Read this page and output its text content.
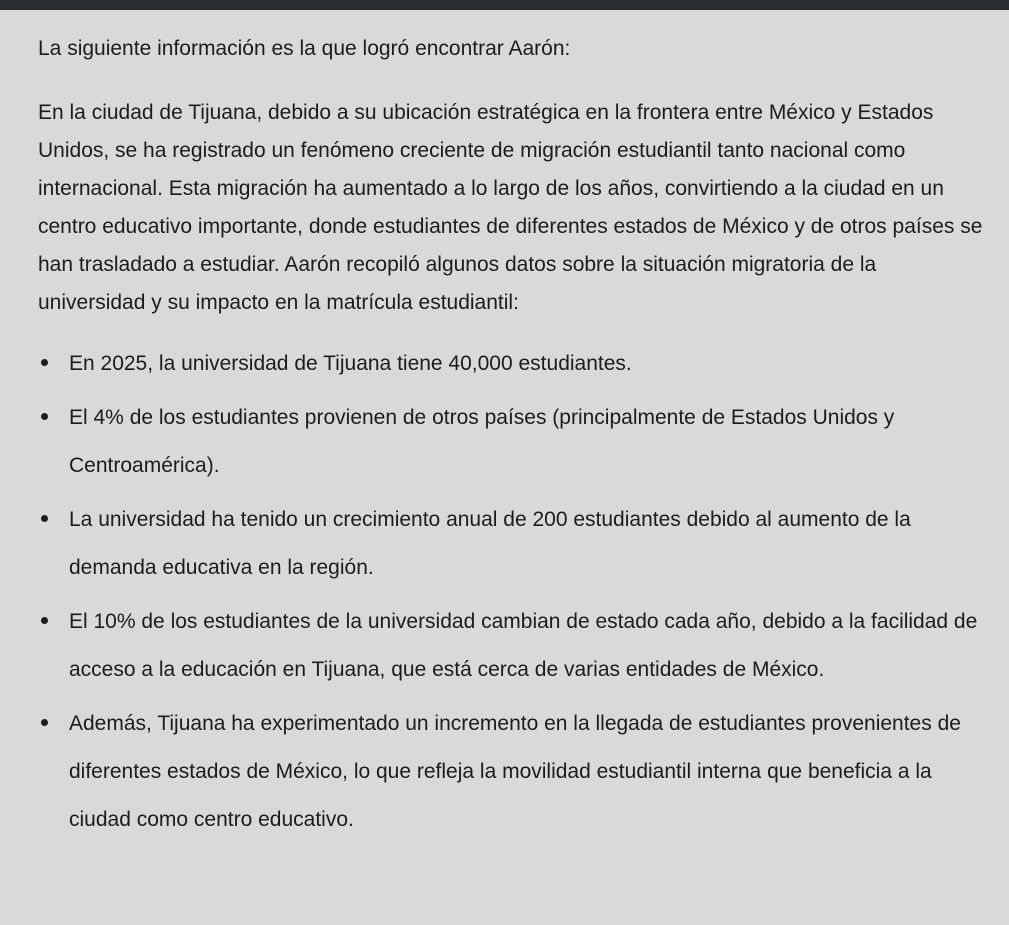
La siguiente información es la que logró encontrar Aarón:

En la ciudad de Tijuana, debido a su ubicación estratégica en la frontera entre México y Estados Unidos, se ha registrado un fenómeno creciente de migración estudiantil tanto nacional como internacional. Esta migración ha aumentado a lo largo de los años, convirtiendo a la ciudad en un centro educativo importante, donde estudiantes de diferentes estados de México y de otros países se han trasladado a estudiar. Aarón recopiló algunos datos sobre la situación migratoria de la universidad y su impacto en la matrícula estudiantil:

En 2025, la universidad de Tijuana tiene 40,000 estudiantes.
El 4% de los estudiantes provienen de otros países (principalmente de Estados Unidos y Centroamérica).
La universidad ha tenido un crecimiento anual de 200 estudiantes debido al aumento de la demanda educativa en la región.
El 10% de los estudiantes de la universidad cambian de estado cada año, debido a la facilidad de acceso a la educación en Tijuana, que está cerca de varias entidades de México.
Además, Tijuana ha experimentado un incremento en la llegada de estudiantes provenientes de diferentes estados de México, lo que refleja la movilidad estudiantil interna que beneficia a la ciudad como centro educativo.
